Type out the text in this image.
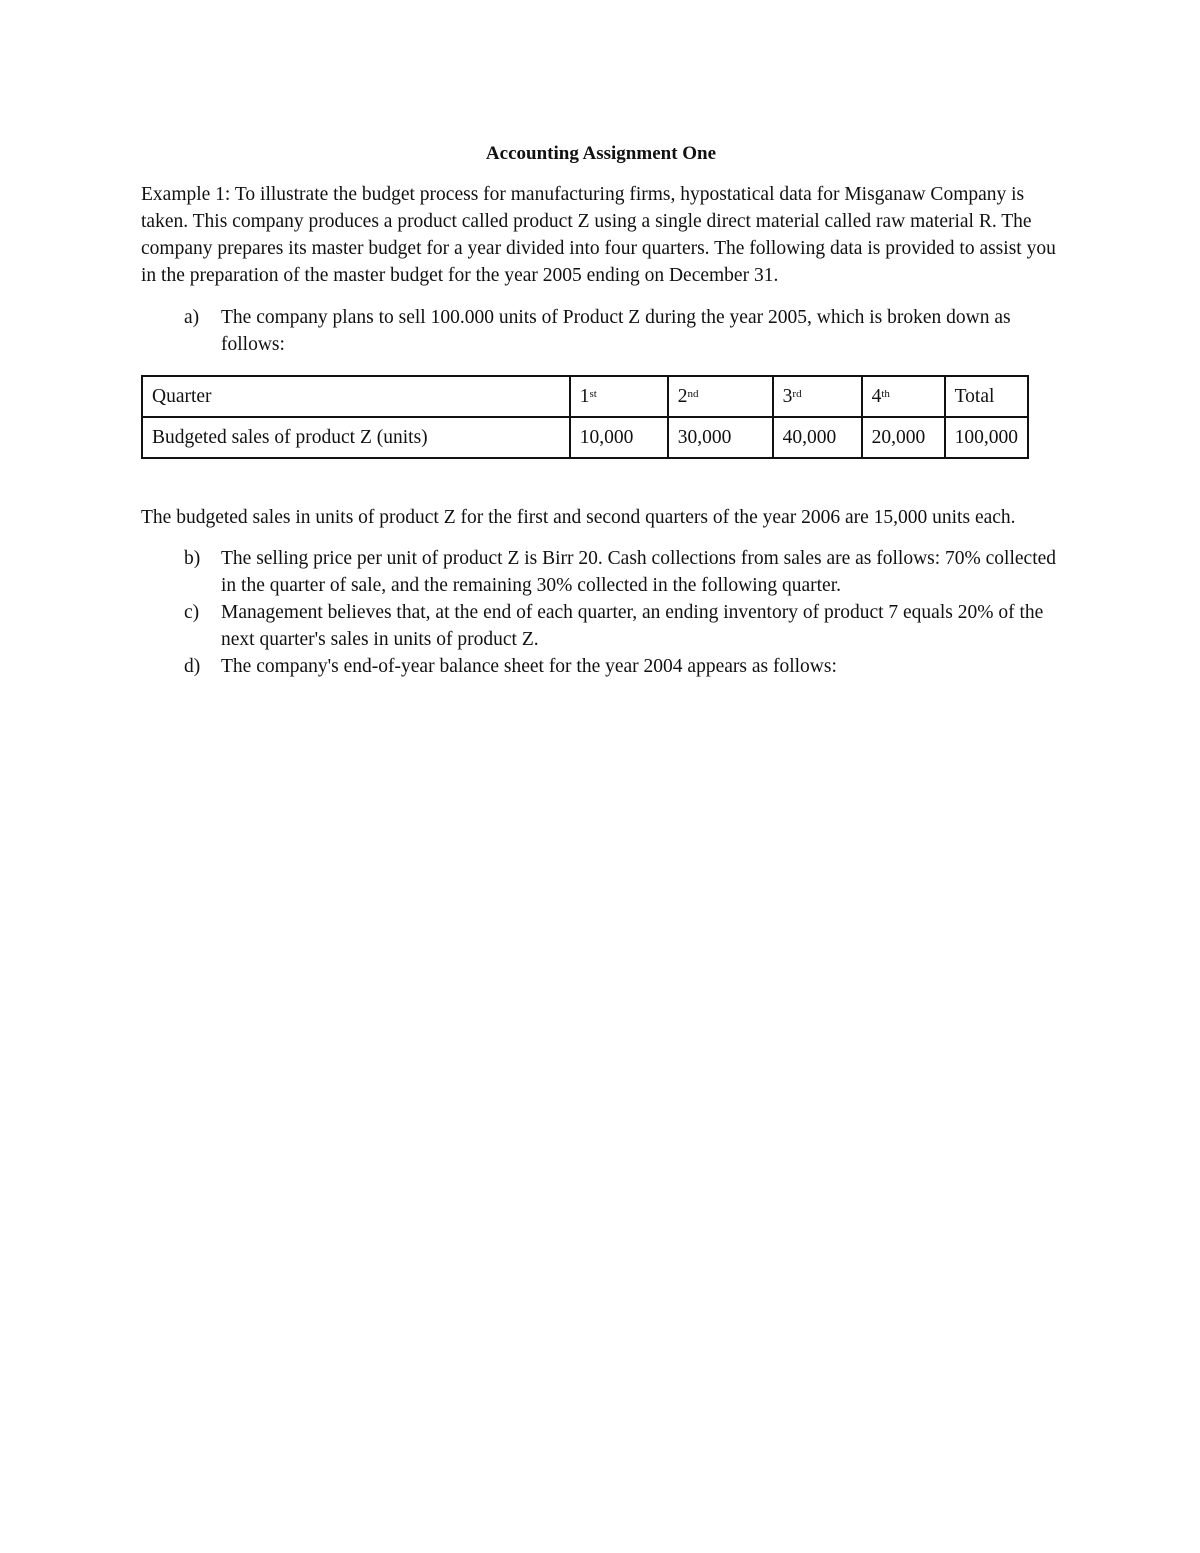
Accounting Assignment One

Example 1: To illustrate the budget process for manufacturing firms, hypostatical data for Misganaw Company is taken. This company produces a product called product Z using a single direct material called raw material R. The company prepares its master budget for a year divided into four quarters. The following data is provided to assist you in the preparation of the master budget for the year 2005 ending on December 31.

a) The company plans to sell 100.000 units of Product Z during the year 2005, which is broken down as follows:
Quarter	1st	2nd	3rd	4th	Total
Budgeted sales of product Z (units)	10,000	30,000	40,000	20,000	100,000

The budgeted sales in units of product Z for the first and second quarters of the year 2006 are 15,000 units each.

b) The selling price per unit of product Z is Birr 20. Cash collections from sales are as follows: 70% collected in the quarter of sale, and the remaining 30% collected in the following quarter.
c) Management believes that, at the end of each quarter, an ending inventory of product 7 equals 20% of the next quarter's sales in units of product Z.
d) The company's end-of-year balance sheet for the year 2004 appears as follows:
